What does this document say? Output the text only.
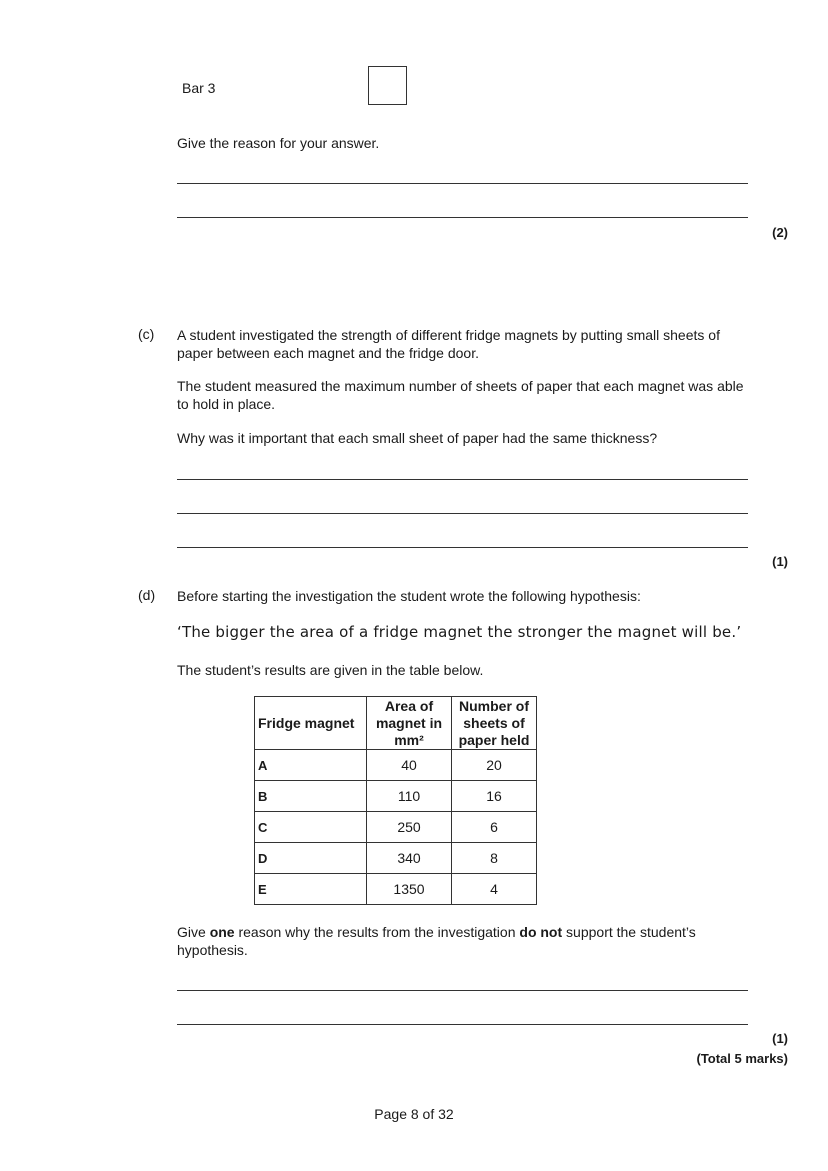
Bar 3
Give the reason for your answer.
(2)
(c) A student investigated the strength of different fridge magnets by putting small sheets of paper between each magnet and the fridge door.
The student measured the maximum number of sheets of paper that each magnet was able to hold in place.
Why was it important that each small sheet of paper had the same thickness?
(1)
(d) Before starting the investigation the student wrote the following hypothesis:
‘The bigger the area of a fridge magnet the stronger the magnet will be.’
The student’s results are given in the table below.
Fridge magnet	Area of magnet in mm²	Number of sheets of paper held
A	40	20
B	110	16
C	250	6
D	340	8
E	1350	4
Give one reason why the results from the investigation do not support the student’s hypothesis.
(1)
(Total 5 marks)
Page 8 of 32
